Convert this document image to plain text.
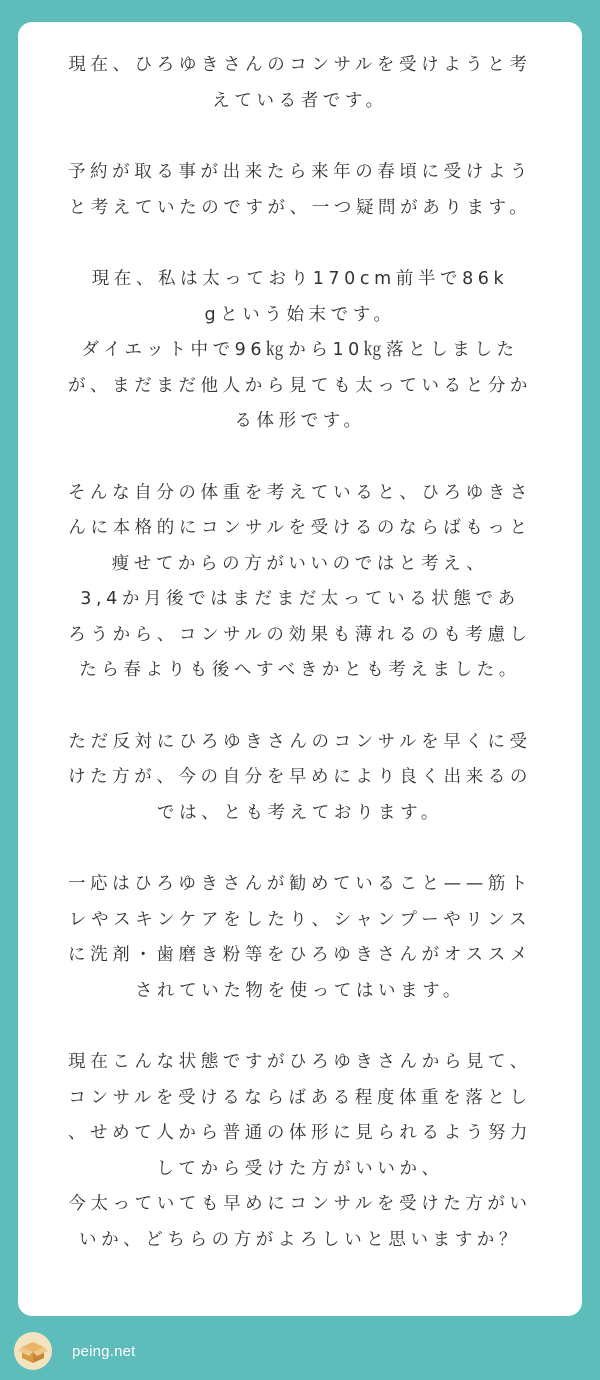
現在、ひろゆきさんのコンサルを受けようと考

えている者です。

予約が取る事が出来たら来年の春頃に受けよう

と考えていたのですが、一つ疑問があります。

現在、私は太っており170cm前半で86k

gという始末です。

ダイエット中で96㎏から10㎏落としました

が、まだまだ他人から見ても太っていると分か

る体形です。

そんな自分の体重を考えていると、ひろゆきさ

んに本格的にコンサルを受けるのならばもっと

痩せてからの方がいいのではと考え、

3,4か月後ではまだまだ太っている状態であ

ろうから、コンサルの効果も薄れるのも考慮し

たら春よりも後へすべきかとも考えました。

ただ反対にひろゆきさんのコンサルを早くに受

けた方が、今の自分を早めにより良く出来るの

では、とも考えております。

一応はひろゆきさんが勧めていること——筋ト

レやスキンケアをしたり、シャンプーやリンス

に洗剤・歯磨き粉等をひろゆきさんがオススメ

されていた物を使ってはいます。

現在こんな状態ですがひろゆきさんから見て、

コンサルを受けるならばある程度体重を落とし

、せめて人から普通の体形に見られるよう努力

してから受けた方がいいか、

今太っていても早めにコンサルを受けた方がい

いか、どちらの方がよろしいと思いますか？

peing.net
